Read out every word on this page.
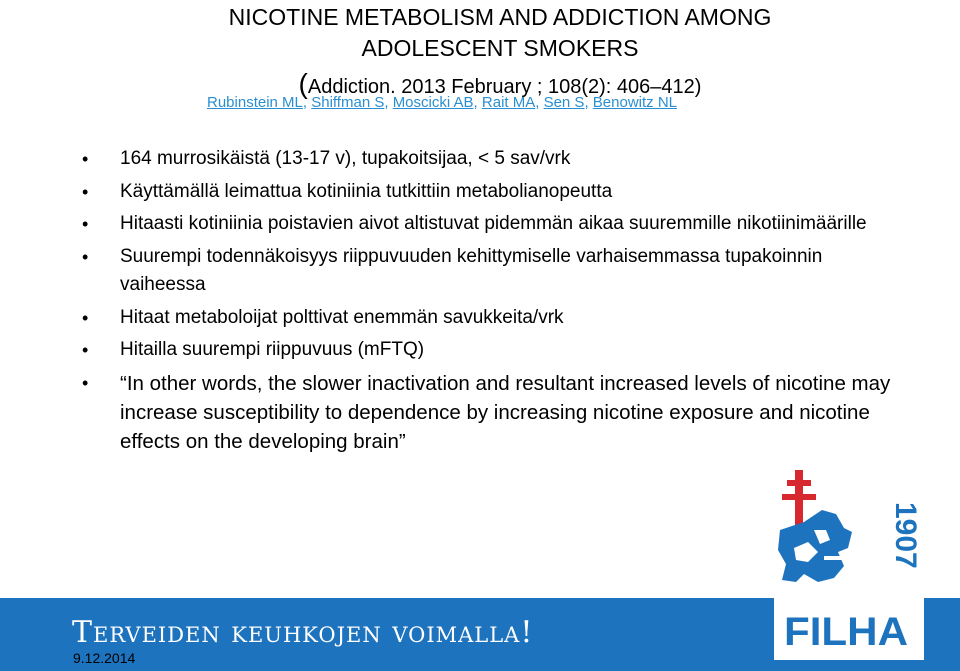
NICOTINE METABOLISM AND ADDICTION AMONG
ADOLESCENT SMOKERS
(Addiction. 2013 February ; 108(2): 406–412)
Rubinstein ML, Shiffman S, Moscicki AB, Rait MA, Sen S, Benowitz NL
• 164 murrosikäistä (13-17 v), tupakoitsijaa, < 5 sav/vrk
• Käyttämällä leimattua kotiniinia tutkittiin metabolianopeutta
• Hitaasti kotiniinia poistavien aivot altistuvat pidemmän aikaa suuremmille nikotiinimäärille
• Suurempi todennäkoisyys riippuvuuden kehittymiselle varhaisemmassa tupakoinnin vaiheessa
• Hitaat metaboloijat polttivat enemmän savukkeita/vrk
• Hitailla suurempi riippuvuus (mFTQ)
• “In other words, the slower inactivation and resultant increased levels of nicotine may increase susceptibility to dependence by increasing nicotine exposure and nicotine effects on the developing brain”
Terveiden keuhkojen voimalla!
9.12.2014
1907
FILHA
